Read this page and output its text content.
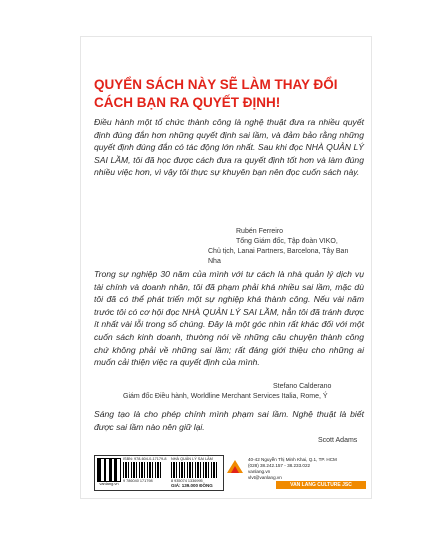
QUYỂN SÁCH NÀY SẼ LÀM THAY ĐỔI
CÁCH BẠN RA QUYẾT ĐỊNH!
Điều hành một tổ chức thành công là nghệ thuật đưa ra nhiều quyết định đúng đắn hơn những quyết định sai lầm, và đảm bảo rằng những quyết định đúng đắn có tác động lớn nhất. Sau khi đọc NHÀ QUẢN LÝ SAI LẦM, tôi đã học được cách đưa ra quyết định tốt hơn và làm đúng nhiều việc hơn, vì vậy tôi thực sự khuyên bạn nên đọc cuốn sách này.
Rubén Ferreiro
Tổng Giám đốc, Tập đoàn VIKO,
Chủ tịch, Lanai Partners, Barcelona, Tây Ban Nha
Trong sự nghiệp 30 năm của mình với tư cách là nhà quản lý dịch vụ tài chính và doanh nhân, tôi đã phạm phải khá nhiều sai lầm, mặc dù tôi đã có thể phát triển một sự nghiệp khá thành công. Nếu vài năm trước tôi có cơ hội đọc NHÀ QUẢN LÝ SAI LẦM, hẳn tôi đã tránh được ít nhất vài lỗi trong số chúng. Đây là một góc nhìn rất khác đối với một cuốn sách kinh doanh, thường nói về những câu chuyện thành công chứ không phải về những sai lầm; rất đáng giới thiệu cho những ai muốn cải thiện việc ra quyết định của mình.
Stefano Calderano
Giám đốc Điều hành, Worldline Merchant Services Italia, Rome, Ý
Sáng tạo là cho phép chính mình phạm sai lầm. Nghệ thuật là biết được sai lầm nào nên giữ lại.
Scott Adams
vanlang.vn
ISBN: 978-604-0-17179-8 NHÀ QUẢN LÝ SAI LẦM
9 786040 171798	8 935074 1336995
GIÁ: 139.000 ĐỒNG
40-42 Nguyễn Thị Minh Khai, Q.1, TP. HCM
(028) 38.242.157 - 38.233.022
vanlang.vn
vlvt@vanlang.vn
VAN LANG CULTURE JSC
